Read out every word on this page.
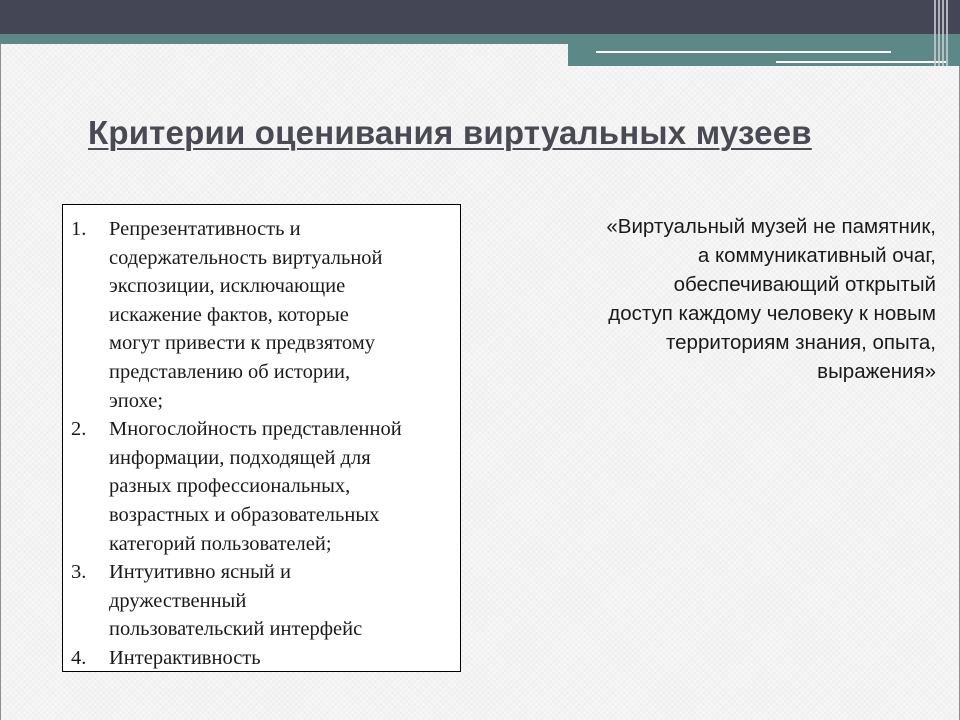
Критерии оценивания виртуальных музеев
1.	Репрезентативность и
содержательность виртуальной
экспозиции, исключающие
искажение фактов, которые
могут привести к предвзятому
представлению об истории,
эпохе;
2.	Многослойность представленной
информации, подходящей для
разных профессиональных,
возрастных и образовательных
категорий пользователей;
3.	Интуитивно ясный и
дружественный
пользовательский интерфейс
4.	Интерактивность
«Виртуальный музей не памятник,
а коммуникативный очаг,
обеспечивающий открытый
доступ каждому человеку к новым
территориям знания, опыта,
выражения»
